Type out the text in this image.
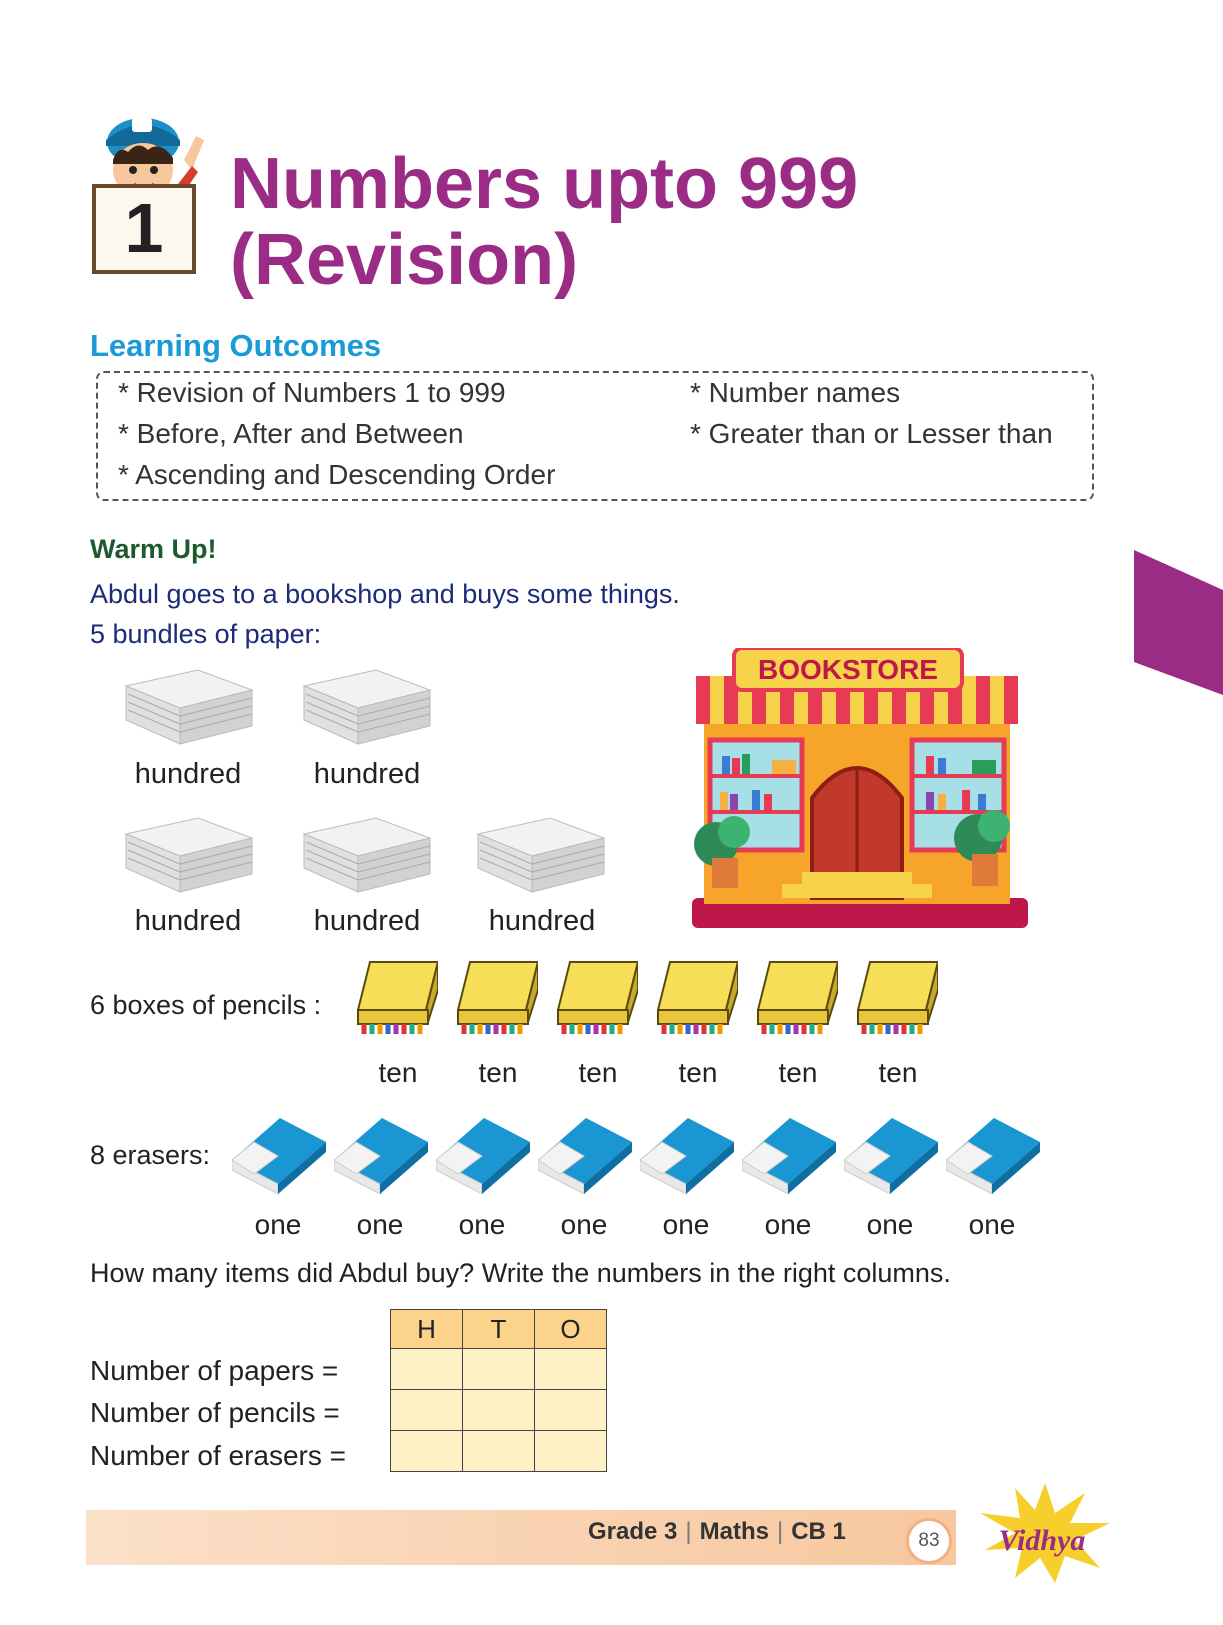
1
Numbers upto 999
(Revision)
Learning Outcomes
* Revision of Numbers 1 to 999
* Before, After and Between
* Ascending and Descending Order
* Number names
* Greater than or Lesser than
Warm Up!
Abdul goes to a bookshop and buys some things.
5 bundles of paper:
hundred	hundred
hundred	hundred	hundred
BOOKSTORE
6 boxes of pencils :
ten	ten	ten	ten	ten	ten
8 erasers:
one	one	one	one	one	one	one	one
How many items did Abdul buy? Write the numbers in the right columns.
Number of papers =
Number of pencils =
Number of erasers =
H	T	O

Grade 3 | Maths | CB 1	83	Vidhya
